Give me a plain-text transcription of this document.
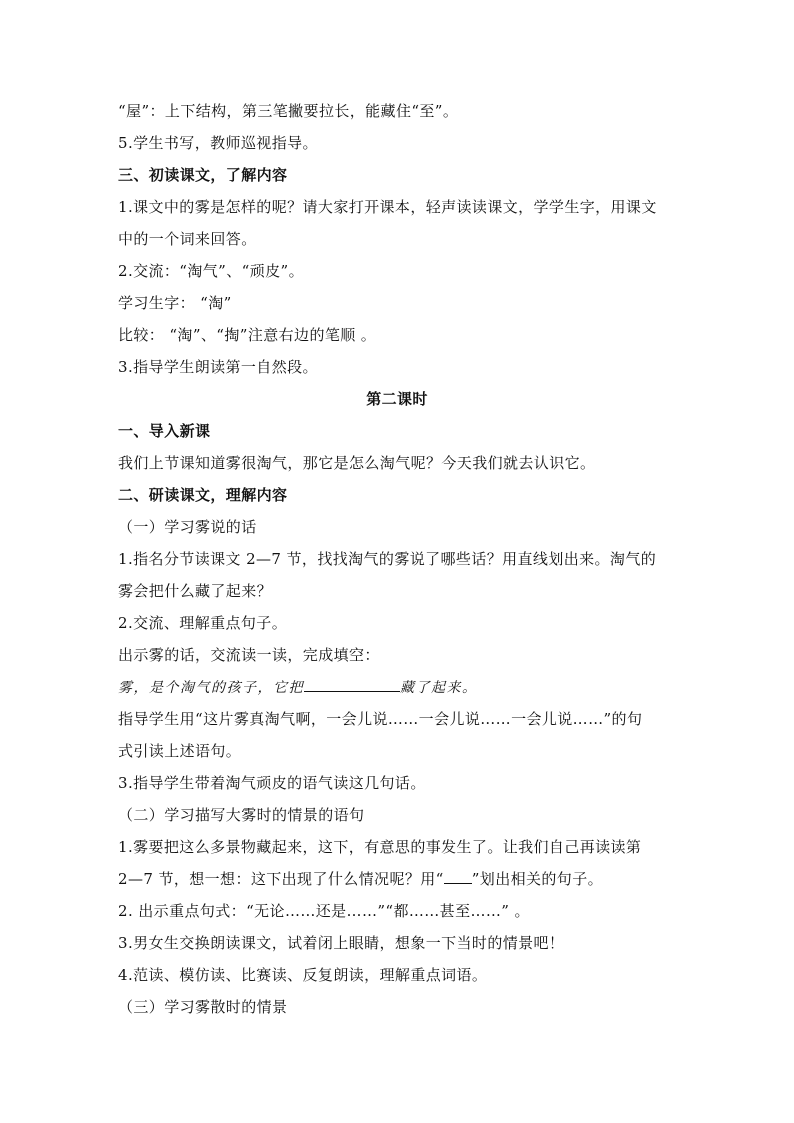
“屋”：上下结构，第三笔撇要拉长，能藏住“至”。
5.学生书写，教师巡视指导。
三、初读课文，了解内容
1.课文中的雾是怎样的呢？请大家打开课本，轻声读读课文，学学生字，用课文
中的一个词来回答。
2.交流：“淘气”、“顽皮”。
学习生字： “淘”
比较： “淘”、“掏”注意右边的笔顺 。
3.指导学生朗读第一自然段。
第二课时
一、导入新课
我们上节课知道雾很淘气，那它是怎么淘气呢？今天我们就去认识它。
二、研读课文，理解内容
（一）学习雾说的话
1.指名分节读课文 2—7 节，找找淘气的雾说了哪些话？用直线划出来。淘气的
雾会把什么藏了起来？
2.交流、理解重点句子。
出示雾的话，交流读一读，完成填空：
雾，是个淘气的孩子，它把	藏了起来。
指导学生用“这片雾真淘气啊，一会儿说……一会儿说……一会儿说……”的句
式引读上述语句。
3.指导学生带着淘气顽皮的语气读这几句话。
（二）学习描写大雾时的情景的语句
1.雾要把这么多景物藏起来，这下，有意思的事发生了。让我们自己再读读第
2—7 节，想一想：这下出现了什么情况呢？用“ ”划出相关的句子。
2. 出示重点句式：“无论……还是……”“都……甚至……” 。
3.男女生交换朗读课文，试着闭上眼睛，想象一下当时的情景吧！
4.范读、模仿读、比赛读、反复朗读，理解重点词语。
（三）学习雾散时的情景
